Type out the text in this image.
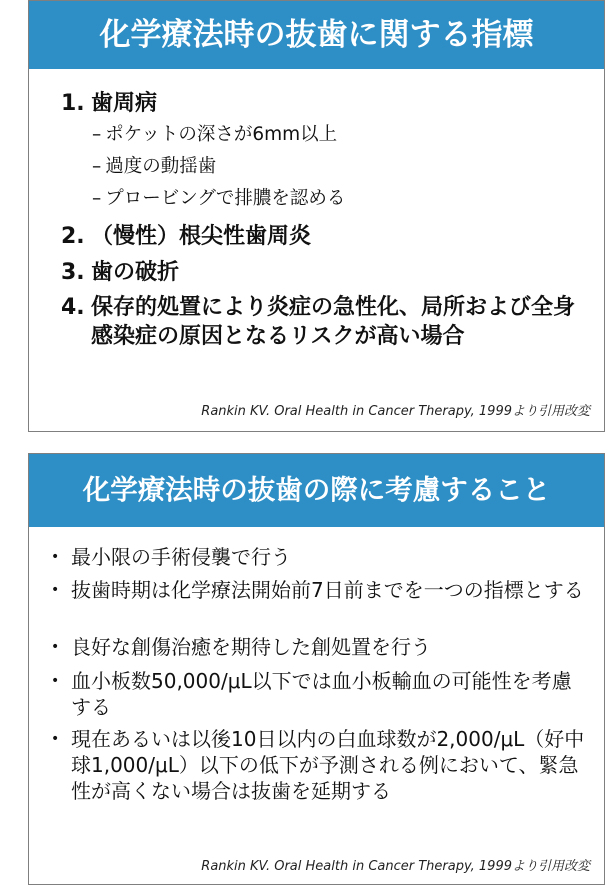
化学療法時の抜歯に関する指標
1. 歯周病
– ポケットの深さが6mm以上
– 過度の動揺歯
– プロービングで排膿を認める
2. （慢性）根尖性歯周炎
3. 歯の破折
4. 保存的処置により炎症の急性化、局所および全身感染症の原因となるリスクが高い場合
Rankin KV. Oral Health in Cancer Therapy, 1999より引用改変
化学療法時の抜歯の際に考慮すること
• 最小限の手術侵襲で行う
• 抜歯時期は化学療法開始前7日前までを一つの指標とする
• 良好な創傷治癒を期待した創処置を行う
• 血小板数50,000/μL以下では血小板輸血の可能性を考慮する
• 現在あるいは以後10日以内の白血球数が2,000/μL（好中球1,000/μL）以下の低下が予測される例において、緊急性が高くない場合は抜歯を延期する
Rankin KV. Oral Health in Cancer Therapy, 1999より引用改変
